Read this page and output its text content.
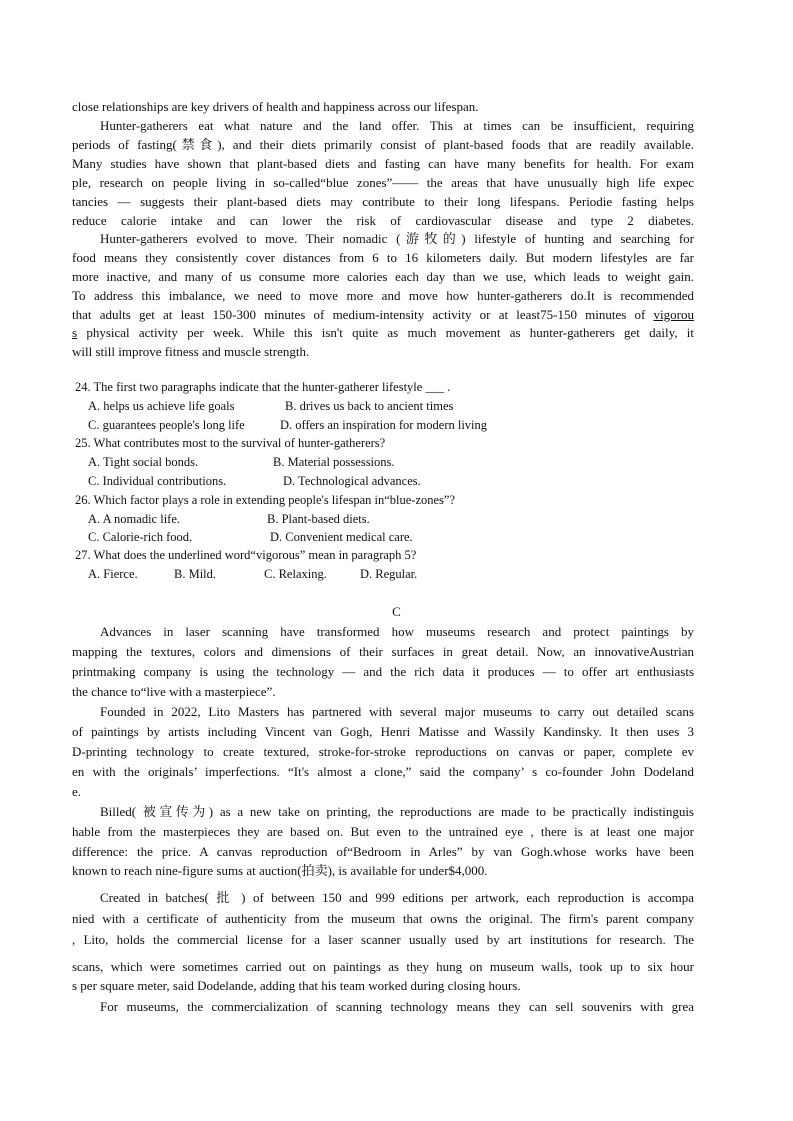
close relationships are key drivers of health and happiness across our lifespan.
Hunter-gatherers eat what nature and the land offer. This at times can be insufficient, requiring
periods of fasting(禁食), and their diets primarily consist of plant-based foods that are readily available.
Many studies have shown that plant-based diets and fasting can have many benefits for health. For exam
ple, research on people living in so-called“blue zones”—— the areas that have unusually high life expec
tancies — suggests their plant-based diets may contribute to their long lifespans. Periodie fasting helps
reduce calorie intake and can lower the risk of cardiovascular disease and type 2 diabetes.
Hunter-gatherers evolved to move. Their nomadic (游牧的) lifestyle of hunting and searching for
food means they consistently cover distances from 6 to 16 kilometers daily. But modern lifestyles are far
more inactive, and many of us consume more calories each day than we use, which leads to weight gain.
To address this imbalance, we need to move more and move how hunter-gatherers do.It is recommended
that adults get at least 150-300 minutes of medium-intensity activity or at least75-150 minutes of vigorou
s physical activity per week. While this isn't quite as much movement as hunter-gatherers get daily, it
will still improve fitness and muscle strength.
24. The first two paragraphs indicate that the hunter-gatherer lifestyle ___ .
A. helps us achieve life goals	B. drives us back to ancient times
C. guarantees people's long life	D. offers an inspiration for modern living
25. What contributes most to the survival of hunter-gatherers?
A. Tight social bonds.	B. Material possessions.
C. Individual contributions.	D. Technological advances.
26. Which factor plays a role in extending people's lifespan in“blue-zones”?
A. A nomadic life.	B. Plant-based diets.
C. Calorie-rich food.	D. Convenient medical care.
27. What does the underlined word“vigorous” mean in paragraph 5?
A. Fierce.	B. Mild.	C. Relaxing.	D. Regular.
C
Advances in laser scanning have transformed how museums research and protect paintings by
mapping the textures, colors and dimensions of their surfaces in great detail. Now, an innovativeAustrian
printmaking company is using the technology — and the rich data it produces — to offer art enthusiasts
the chance to“live with a masterpiece”.
Founded in 2022, Lito Masters has partnered with several major museums to carry out detailed scans
of paintings by artists including Vincent van Gogh, Henri Matisse and Wassily Kandinsky. It then uses 3
D-printing technology to create textured, stroke-for-stroke reproductions on canvas or paper, complete ev
en with the originals’ imperfections. “It's almost a clone,” said the company’ s co-founder John Dodeland
e.
Billed( 被宣传为) as a new take on printing, the reproductions are made to be practically indistinguis
hable from the masterpieces they are based on. But even to the untrained eye , there is at least one major
difference: the price. A canvas reproduction of“Bedroom in Arles” by van Gogh.whose works have been
known to reach nine-figure sums at auction(拍卖), is available for under$4,000.
Created in batches( 批 ) of between 150 and 999 editions per artwork, each reproduction is accompa
nied with a certificate of authenticity from the museum that owns the original. The firm's parent company
, Lito, holds the commercial license for a laser scanner usually used by art institutions for research. The
scans, which were sometimes carried out on paintings as they hung on museum walls, took up to six hour
s per square meter, said Dodelande, adding that his team worked during closing hours.
For museums, the commercialization of scanning technology means they can sell souvenirs with grea
